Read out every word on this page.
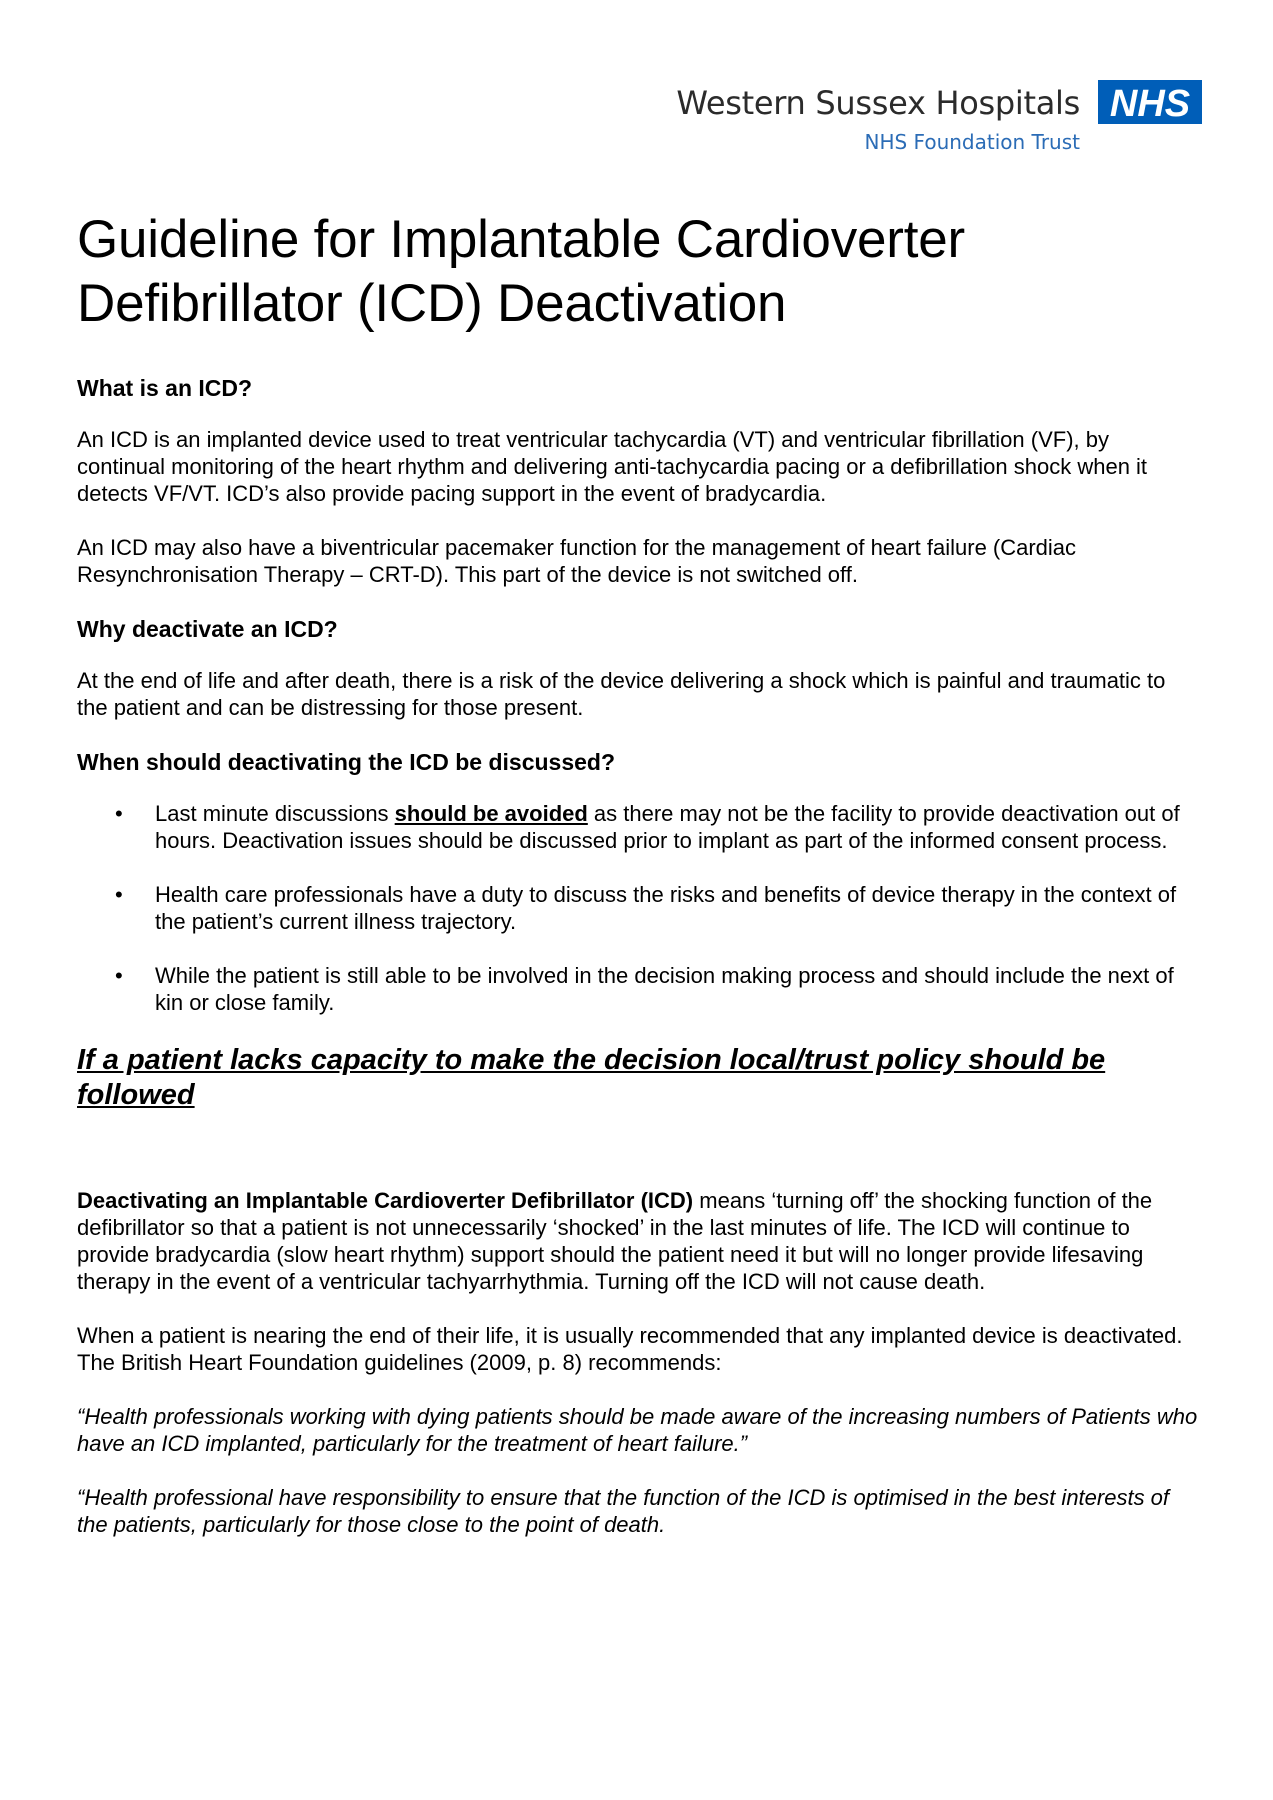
Western Sussex Hospitals
NHS Foundation Trust
NHS
Guideline for Implantable Cardioverter Defibrillator (ICD) Deactivation
What is an ICD?

An ICD is an implanted device used to treat ventricular tachycardia (VT) and ventricular fibrillation (VF), by continual monitoring of the heart rhythm and delivering anti-tachycardia pacing or a defibrillation shock when it detects VF/VT. ICD’s also provide pacing support in the event of bradycardia.

An ICD may also have a biventricular pacemaker function for the management of heart failure (Cardiac Resynchronisation Therapy – CRT-D). This part of the device is not switched off.

Why deactivate an ICD?

At the end of life and after death, there is a risk of the device delivering a shock which is painful and traumatic to the patient and can be distressing for those present.

When should deactivating the ICD be discussed?
• Last minute discussions should be avoided as there may not be the facility to provide deactivation out of hours. Deactivation issues should be discussed prior to implant as part of the informed consent process.
• Health care professionals have a duty to discuss the risks and benefits of device therapy in the context of the patient’s current illness trajectory.
• While the patient is still able to be involved in the decision making process and should include the next of kin or close family.
If a patient lacks capacity to make the decision local/trust policy should be followed

Deactivating an Implantable Cardioverter Defibrillator (ICD) means ‘turning off’ the shocking function of the defibrillator so that a patient is not unnecessarily ‘shocked’ in the last minutes of life. The ICD will continue to provide bradycardia (slow heart rhythm) support should the patient need it but will no longer provide lifesaving therapy in the event of a ventricular tachyarrhythmia. Turning off the ICD will not cause death.

When a patient is nearing the end of their life, it is usually recommended that any implanted device is deactivated. The British Heart Foundation guidelines (2009, p. 8) recommends:

“Health professionals working with dying patients should be made aware of the increasing numbers of Patients who have an ICD implanted, particularly for the treatment of heart failure.”

“Health professional have responsibility to ensure that the function of the ICD is optimised in the best interests of the patients, particularly for those close to the point of death.
